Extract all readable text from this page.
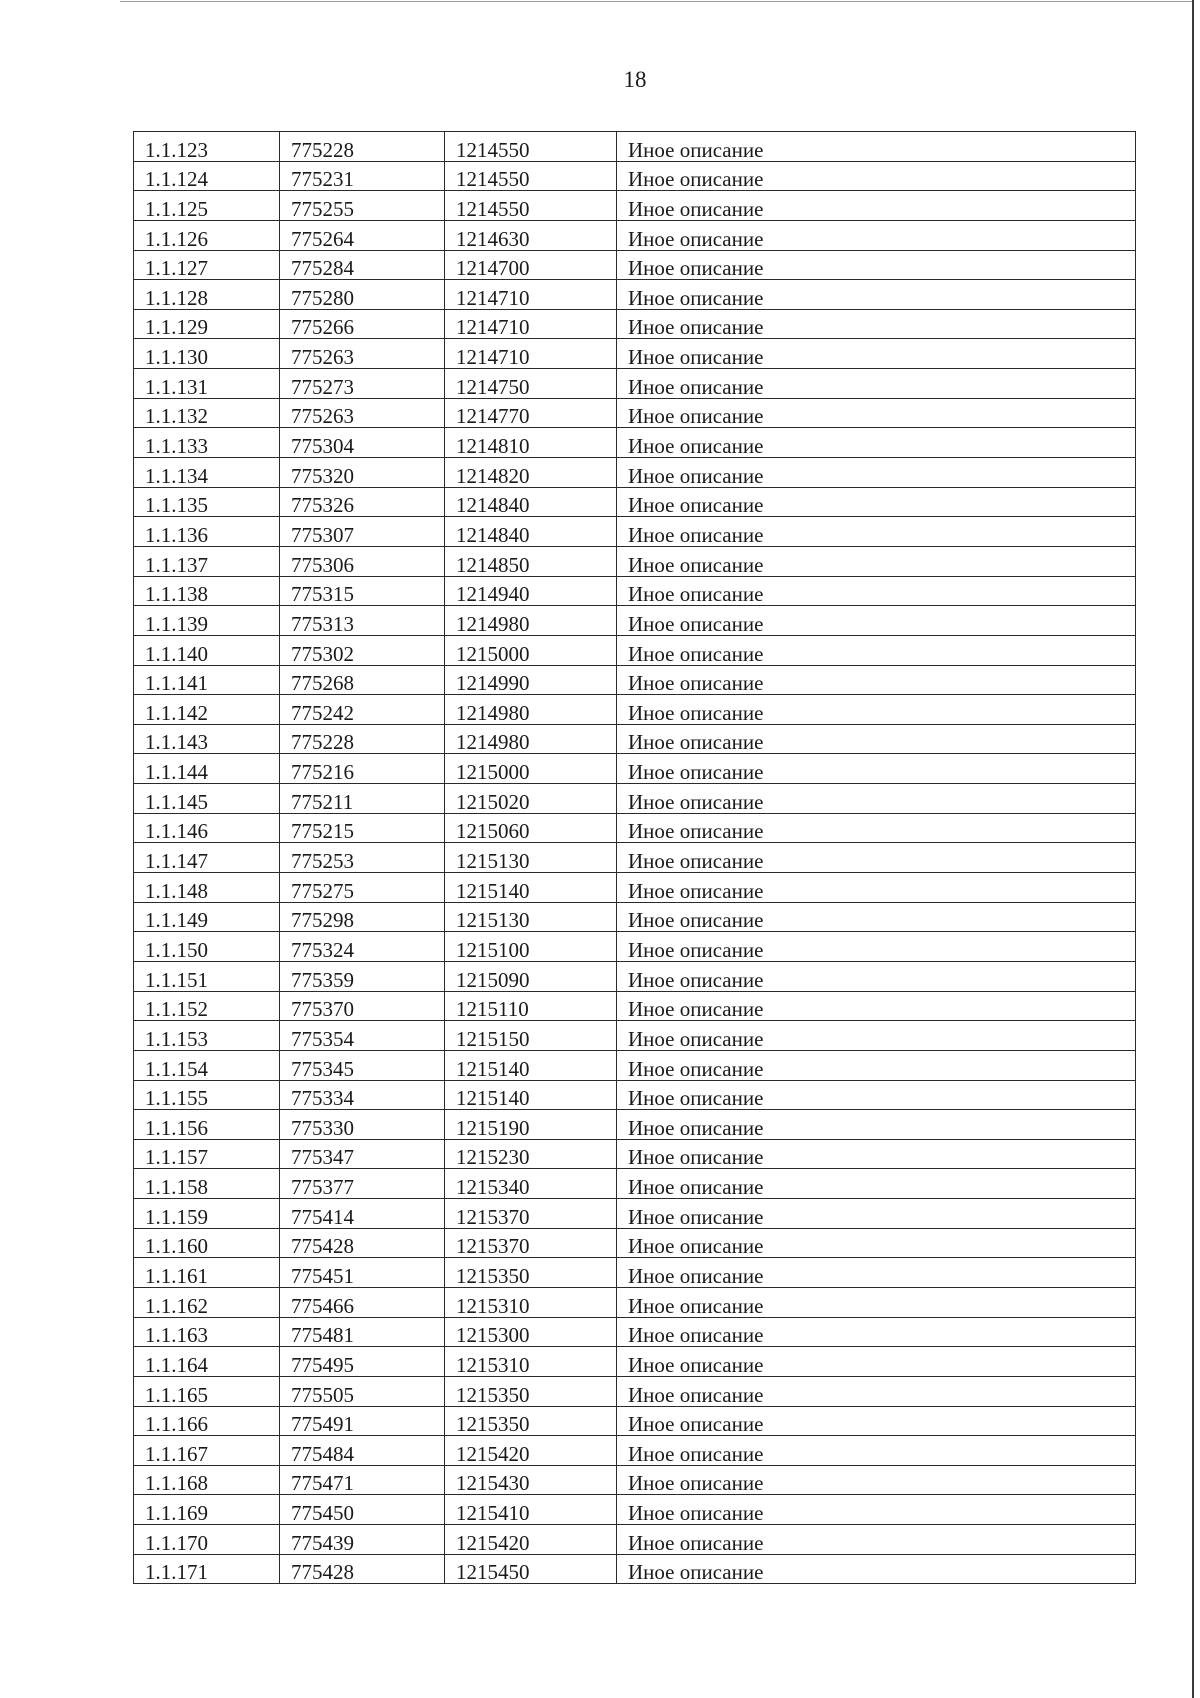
18
1.1.123	775228	1214550	Иное описание
1.1.124	775231	1214550	Иное описание
1.1.125	775255	1214550	Иное описание
1.1.126	775264	1214630	Иное описание
1.1.127	775284	1214700	Иное описание
1.1.128	775280	1214710	Иное описание
1.1.129	775266	1214710	Иное описание
1.1.130	775263	1214710	Иное описание
1.1.131	775273	1214750	Иное описание
1.1.132	775263	1214770	Иное описание
1.1.133	775304	1214810	Иное описание
1.1.134	775320	1214820	Иное описание
1.1.135	775326	1214840	Иное описание
1.1.136	775307	1214840	Иное описание
1.1.137	775306	1214850	Иное описание
1.1.138	775315	1214940	Иное описание
1.1.139	775313	1214980	Иное описание
1.1.140	775302	1215000	Иное описание
1.1.141	775268	1214990	Иное описание
1.1.142	775242	1214980	Иное описание
1.1.143	775228	1214980	Иное описание
1.1.144	775216	1215000	Иное описание
1.1.145	775211	1215020	Иное описание
1.1.146	775215	1215060	Иное описание
1.1.147	775253	1215130	Иное описание
1.1.148	775275	1215140	Иное описание
1.1.149	775298	1215130	Иное описание
1.1.150	775324	1215100	Иное описание
1.1.151	775359	1215090	Иное описание
1.1.152	775370	1215110	Иное описание
1.1.153	775354	1215150	Иное описание
1.1.154	775345	1215140	Иное описание
1.1.155	775334	1215140	Иное описание
1.1.156	775330	1215190	Иное описание
1.1.157	775347	1215230	Иное описание
1.1.158	775377	1215340	Иное описание
1.1.159	775414	1215370	Иное описание
1.1.160	775428	1215370	Иное описание
1.1.161	775451	1215350	Иное описание
1.1.162	775466	1215310	Иное описание
1.1.163	775481	1215300	Иное описание
1.1.164	775495	1215310	Иное описание
1.1.165	775505	1215350	Иное описание
1.1.166	775491	1215350	Иное описание
1.1.167	775484	1215420	Иное описание
1.1.168	775471	1215430	Иное описание
1.1.169	775450	1215410	Иное описание
1.1.170	775439	1215420	Иное описание
1.1.171	775428	1215450	Иное описание
